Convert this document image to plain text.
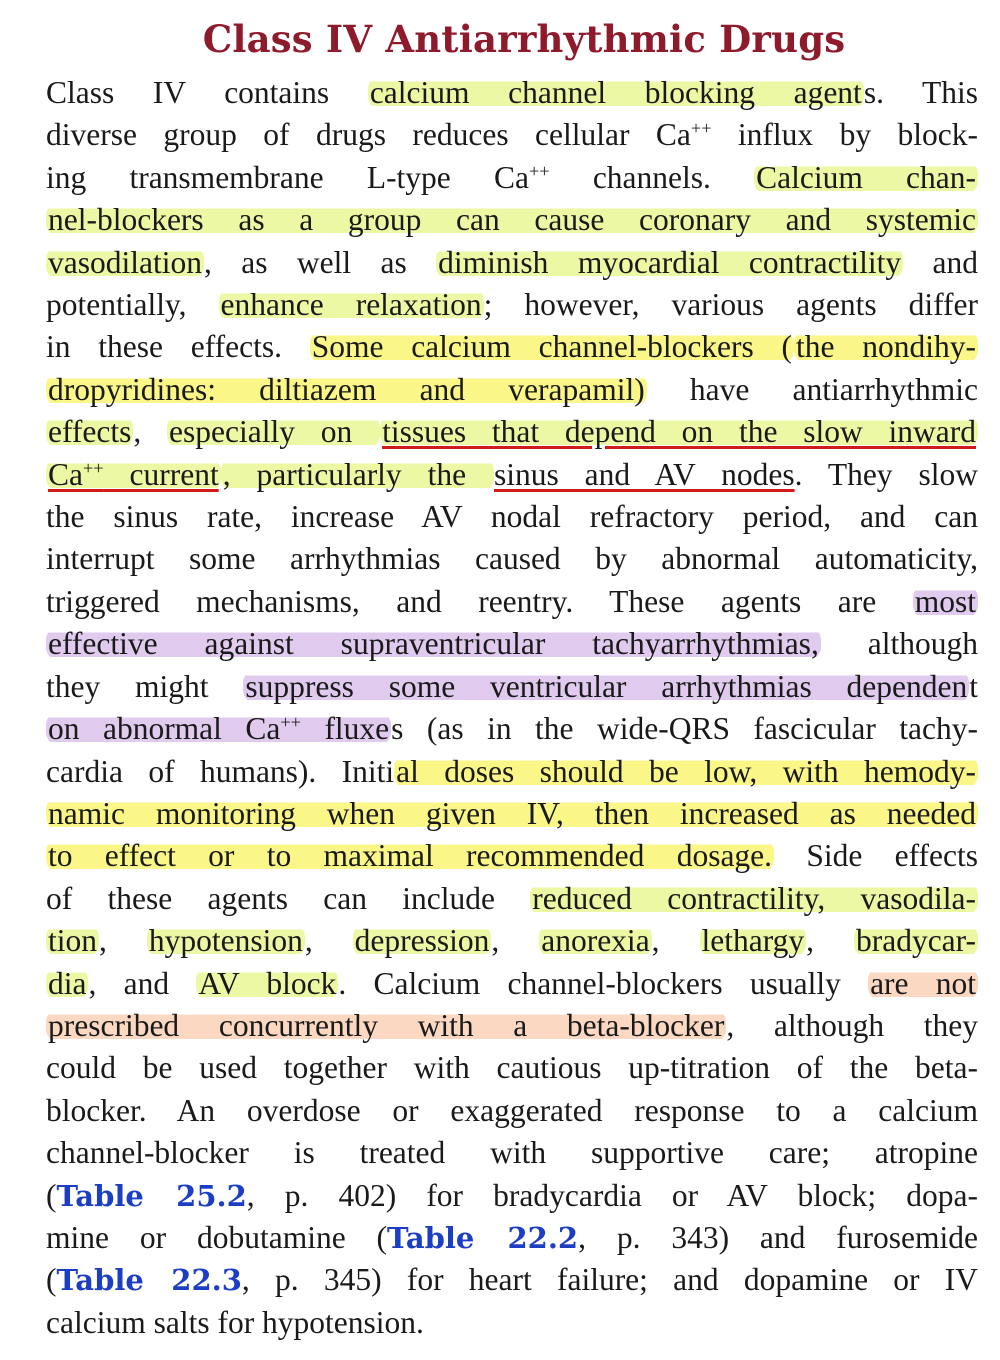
Class IV Antiarrhythmic Drugs
Class IV contains calcium channel blocking agents. This
diverse group of drugs reduces cellular Ca++ influx by block-
ing transmembrane L-type Ca++ channels. Calcium chan-
nel-blockers as a group can cause coronary and systemic
vasodilation, as well as diminish myocardial contractility and
potentially, enhance relaxation; however, various agents differ
in these effects. Some calcium channel-blockers ( the nondihy-
dropyridines: diltiazem and verapamil) have antiarrhythmic
effects, especially on tissues that depend on the slow inward
Ca++ current , particularly the sinus and AV nodes. They slow
the sinus rate, increase AV nodal refractory period, and can
interrupt some arrhythmias caused by abnormal automaticity,
triggered mechanisms, and reentry. These agents are most
effective against supraventricular tachyarrhythmias, although
they might suppress some ventricular arrhythmias dependent
on abnormal Ca++ fluxes (as in the wide-QRS fascicular tachy-
cardia of humans). Initial doses should be low, with hemody-
namic monitoring when given IV, then increased as needed
to effect or to maximal recommended dosage. Side effects
of these agents can include reduced contractility, vasodila-
tion, hypotension, depression, anorexia, lethargy, bradycar-
dia, and AV block. Calcium channel-blockers usually are not
prescribed concurrently with a beta-blocker, although they
could be used together with cautious up-titration of the beta-
blocker. An overdose or exaggerated response to a calcium
channel-blocker is treated with supportive care; atropine
(Table 25.2, p. 402) for bradycardia or AV block; dopa-
mine or dobutamine (Table 22.2, p. 343) and furosemide
(Table 22.3, p. 345) for heart failure; and dopamine or IV
calcium salts for hypotension.
